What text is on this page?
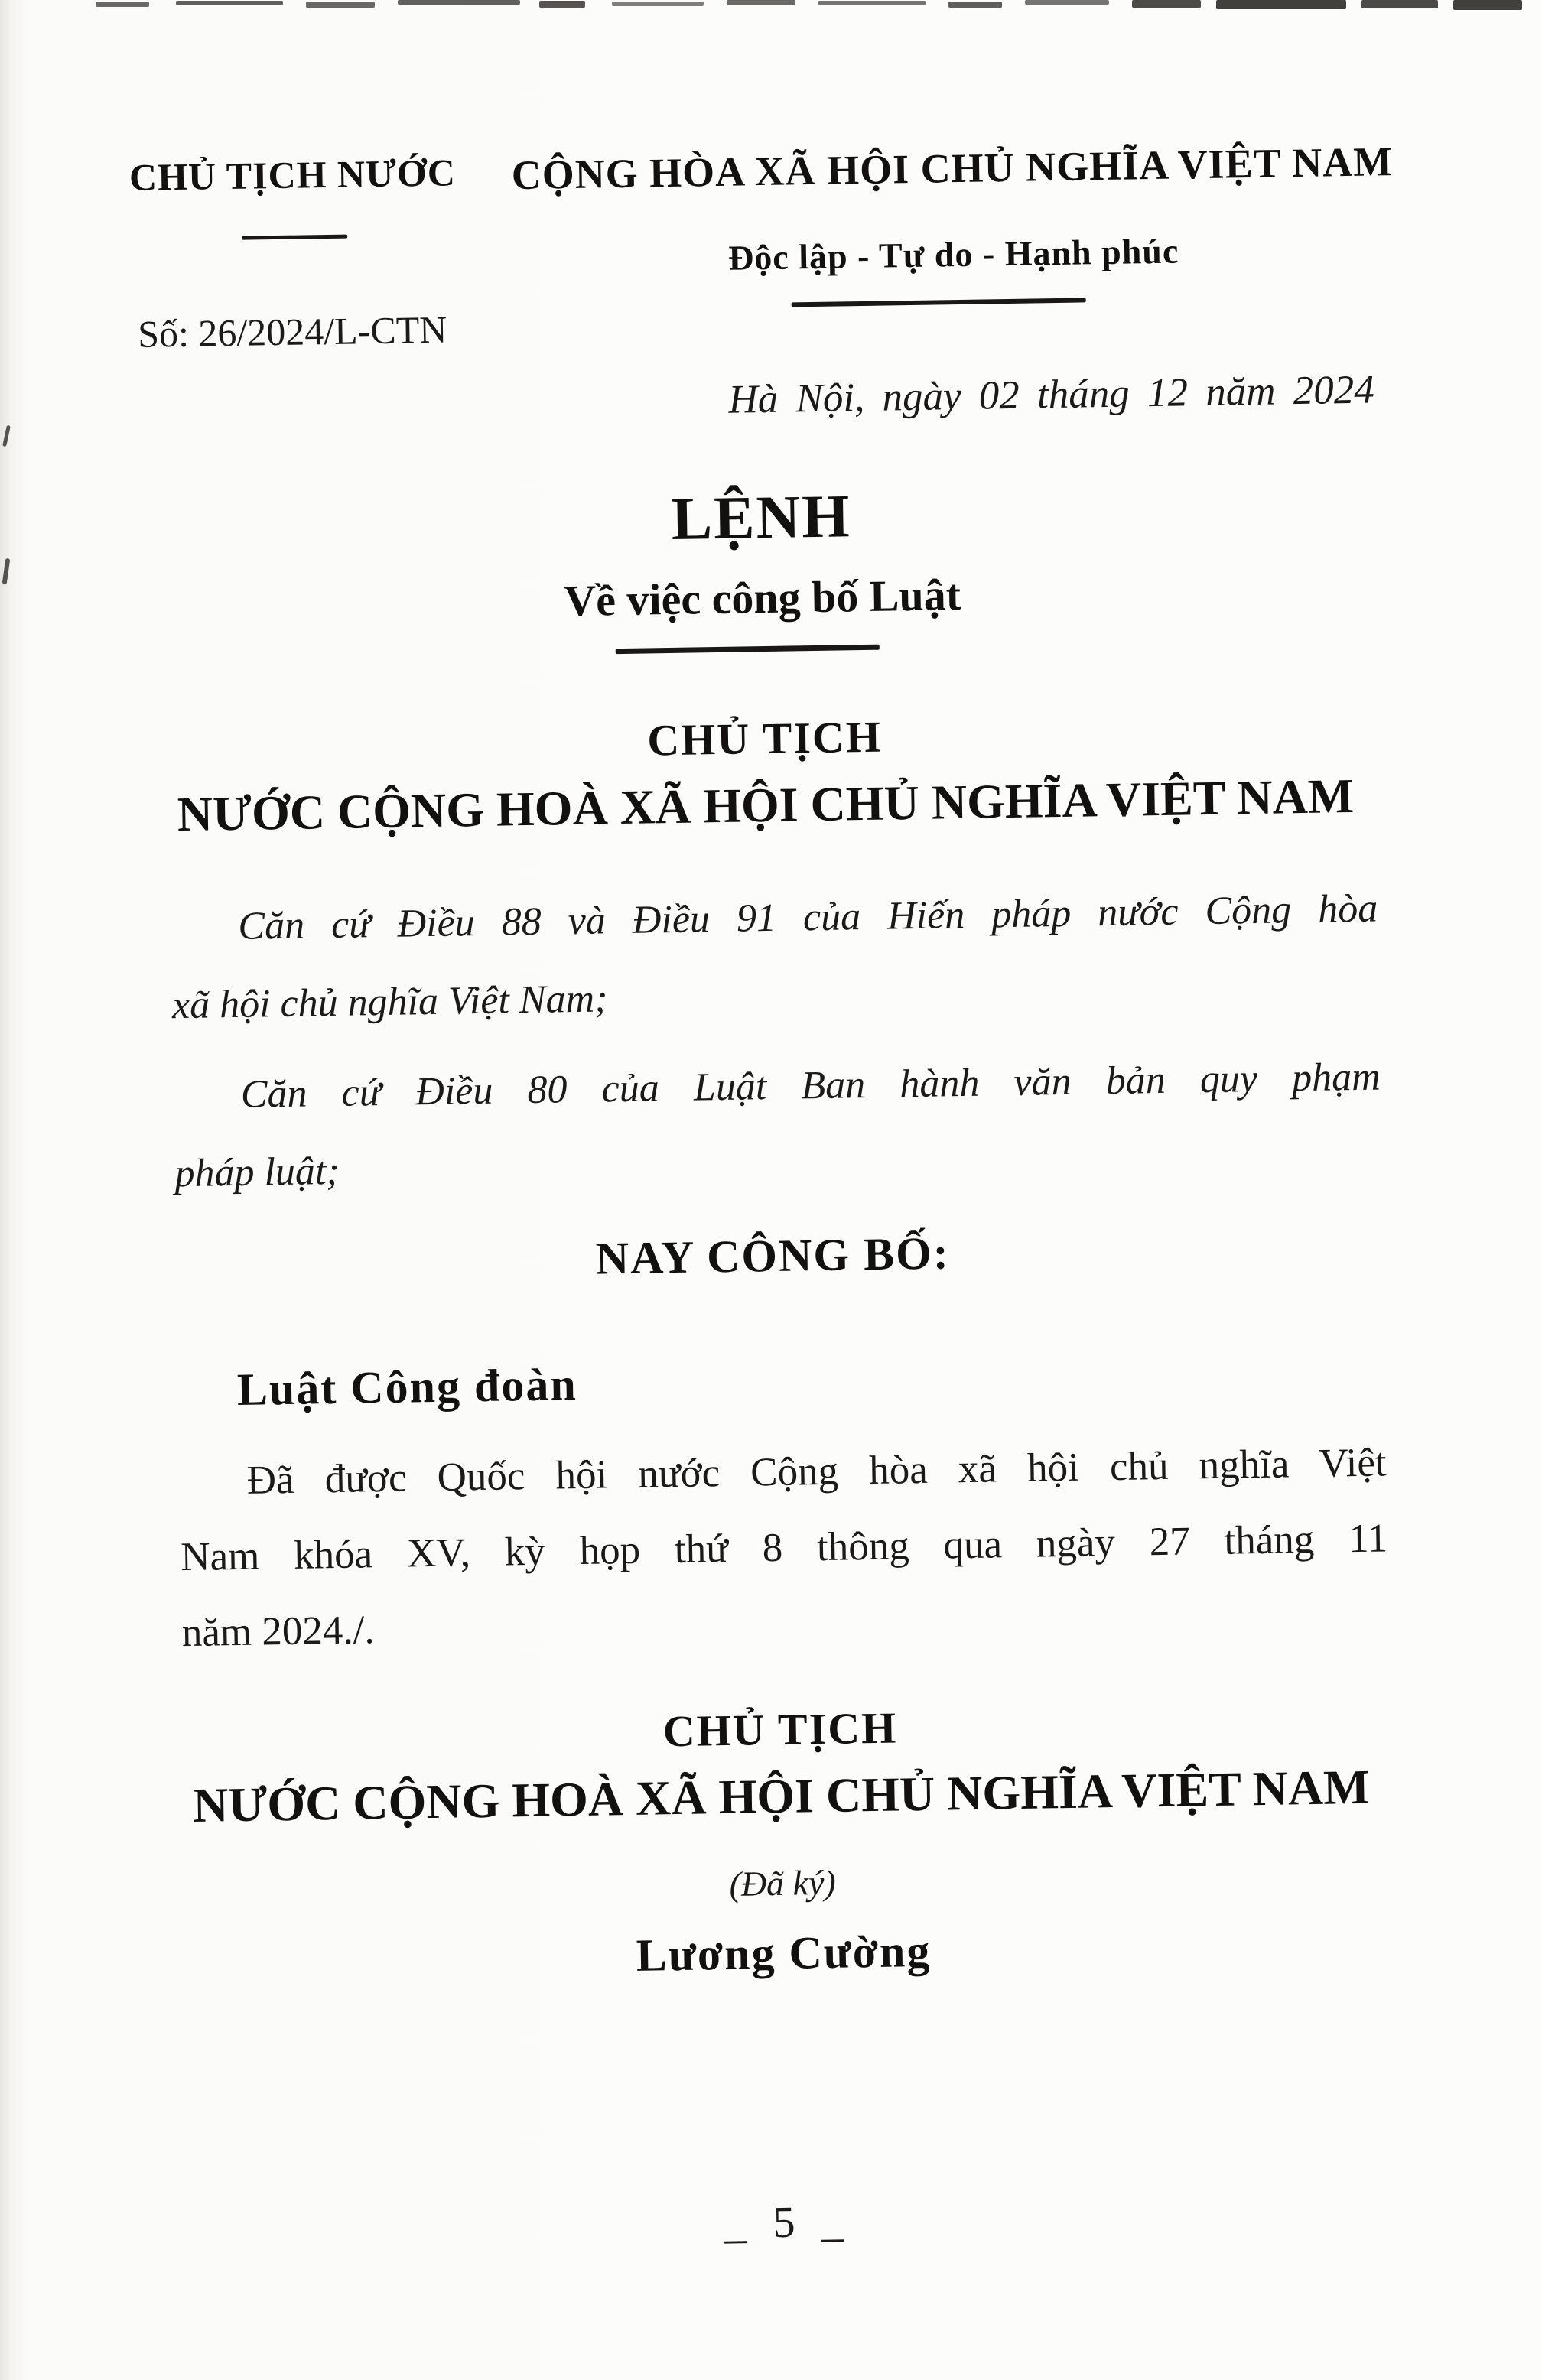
CHỦ TỊCH NƯỚC
Số: 26/2024/L-CTN
CỘNG HÒA XÃ HỘI CHỦ NGHĨA VIỆT NAM
Độc lập - Tự do - Hạnh phúc
Hà Nội, ngày 02 tháng 12 năm 2024
LỆNH
Về việc công bố Luật
CHỦ TỊCH
NƯỚC CỘNG HOÀ XÃ HỘI CHỦ NGHĨA VIỆT NAM
Căn cứ Điều 88 và Điều 91 của Hiến pháp nước Cộng hòa
xã hội chủ nghĩa Việt Nam;
Căn cứ Điều 80 của Luật Ban hành văn bản quy phạm
pháp luật;
NAY CÔNG BỐ:
Luật Công đoàn
Đã được Quốc hội nước Cộng hòa xã hội chủ nghĩa Việt
Nam khóa XV, kỳ họp thứ 8 thông qua ngày 27 tháng 11
năm 2024./.
CHỦ TỊCH
NƯỚC CỘNG HOÀ XÃ HỘI CHỦ NGHĨA VIỆT NAM
(Đã ký)
Lương Cường
_ 5 _
